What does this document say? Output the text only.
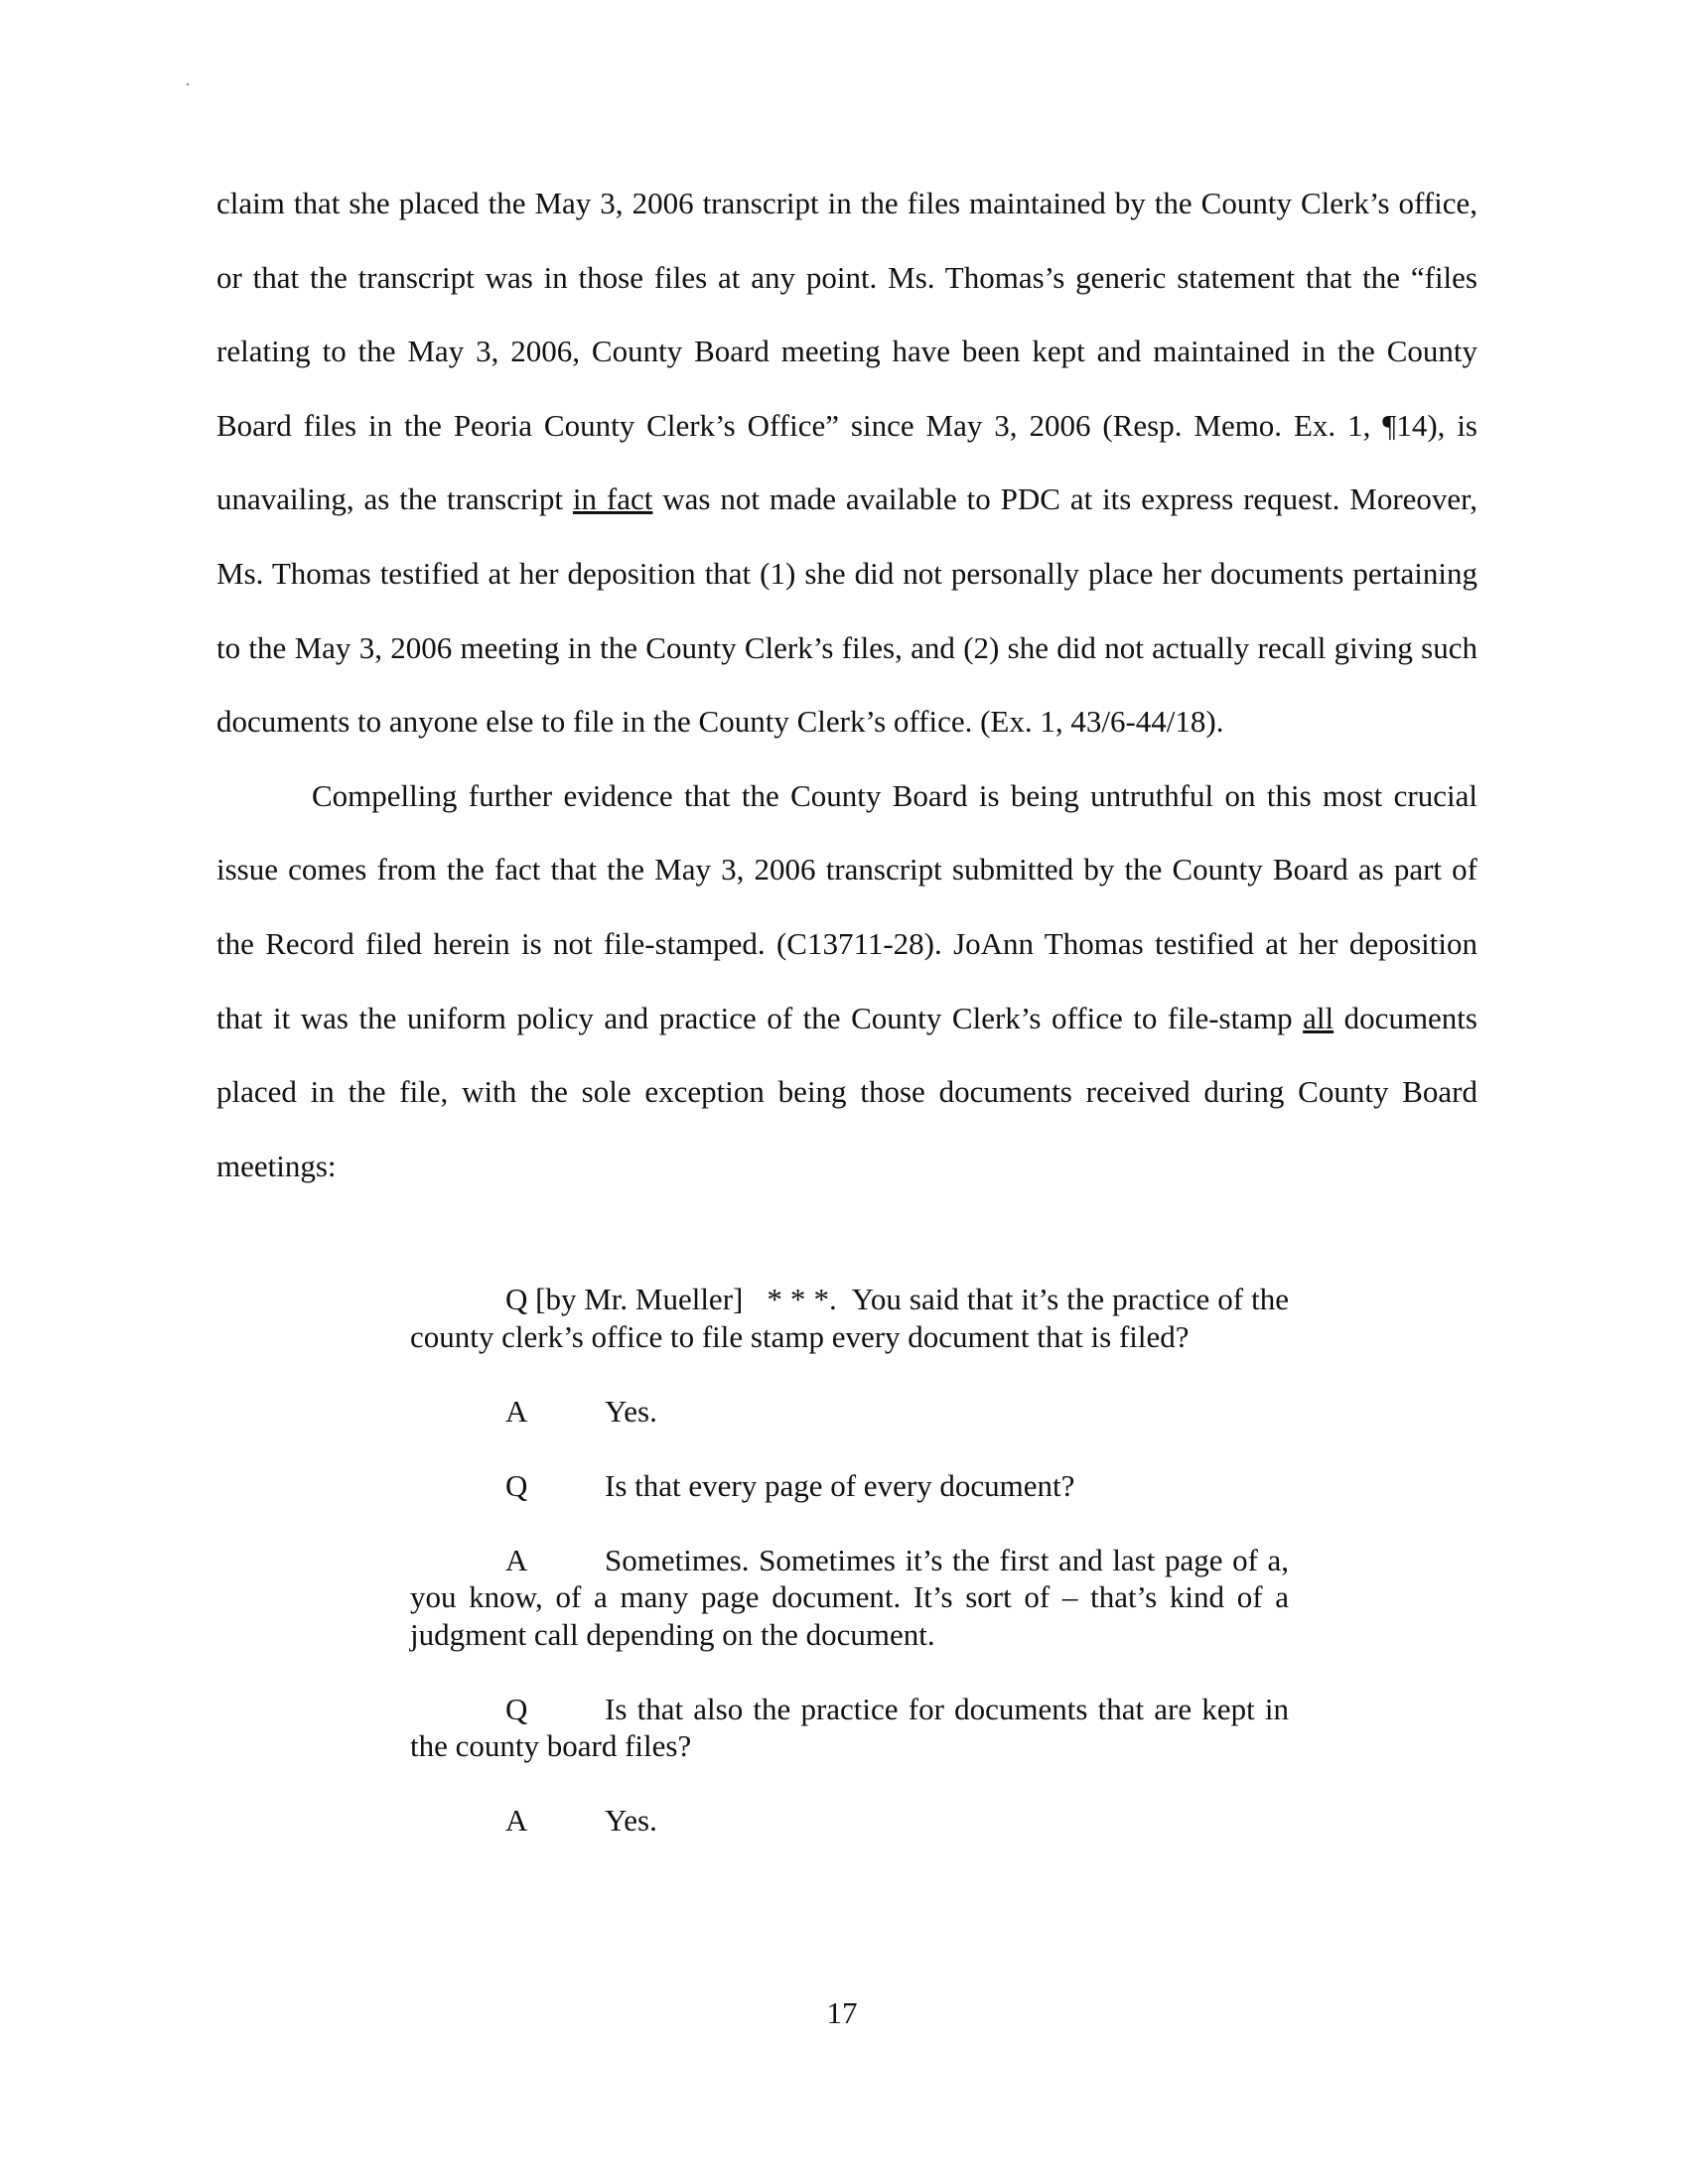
claim that she placed the May 3, 2006 transcript in the files maintained by the County Clerk’s office, or that the transcript was in those files at any point. Ms. Thomas’s generic statement that the “files relating to the May 3, 2006, County Board meeting have been kept and maintained in the County Board files in the Peoria County Clerk’s Office” since May 3, 2006 (Resp. Memo. Ex. 1, ¶14), is unavailing, as the transcript in fact was not made available to PDC at its express request. Moreover, Ms. Thomas testified at her deposition that (1) she did not personally place her documents pertaining to the May 3, 2006 meeting in the County Clerk’s files, and (2) she did not actually recall giving such documents to anyone else to file in the County Clerk’s office. (Ex. 1, 43/6-44/18).

Compelling further evidence that the County Board is being untruthful on this most crucial issue comes from the fact that the May 3, 2006 transcript submitted by the County Board as part of the Record filed herein is not file-stamped. (C13711-28). JoAnn Thomas testified at her deposition that it was the uniform policy and practice of the County Clerk’s office to file-stamp all documents placed in the file, with the sole exception being those documents received during County Board meetings:

Q [by Mr. Mueller]   * * *.  You said that it’s the practice of the county clerk’s office to file stamp every document that is filed?

A	Yes.

Q	Is that every page of every document?

A	Sometimes. Sometimes it’s the first and last page of a, you know, of a many page document. It’s sort of – that’s kind of a judgment call depending on the document.

Q	Is that also the practice for documents that are kept in the county board files?

A	Yes.

17
